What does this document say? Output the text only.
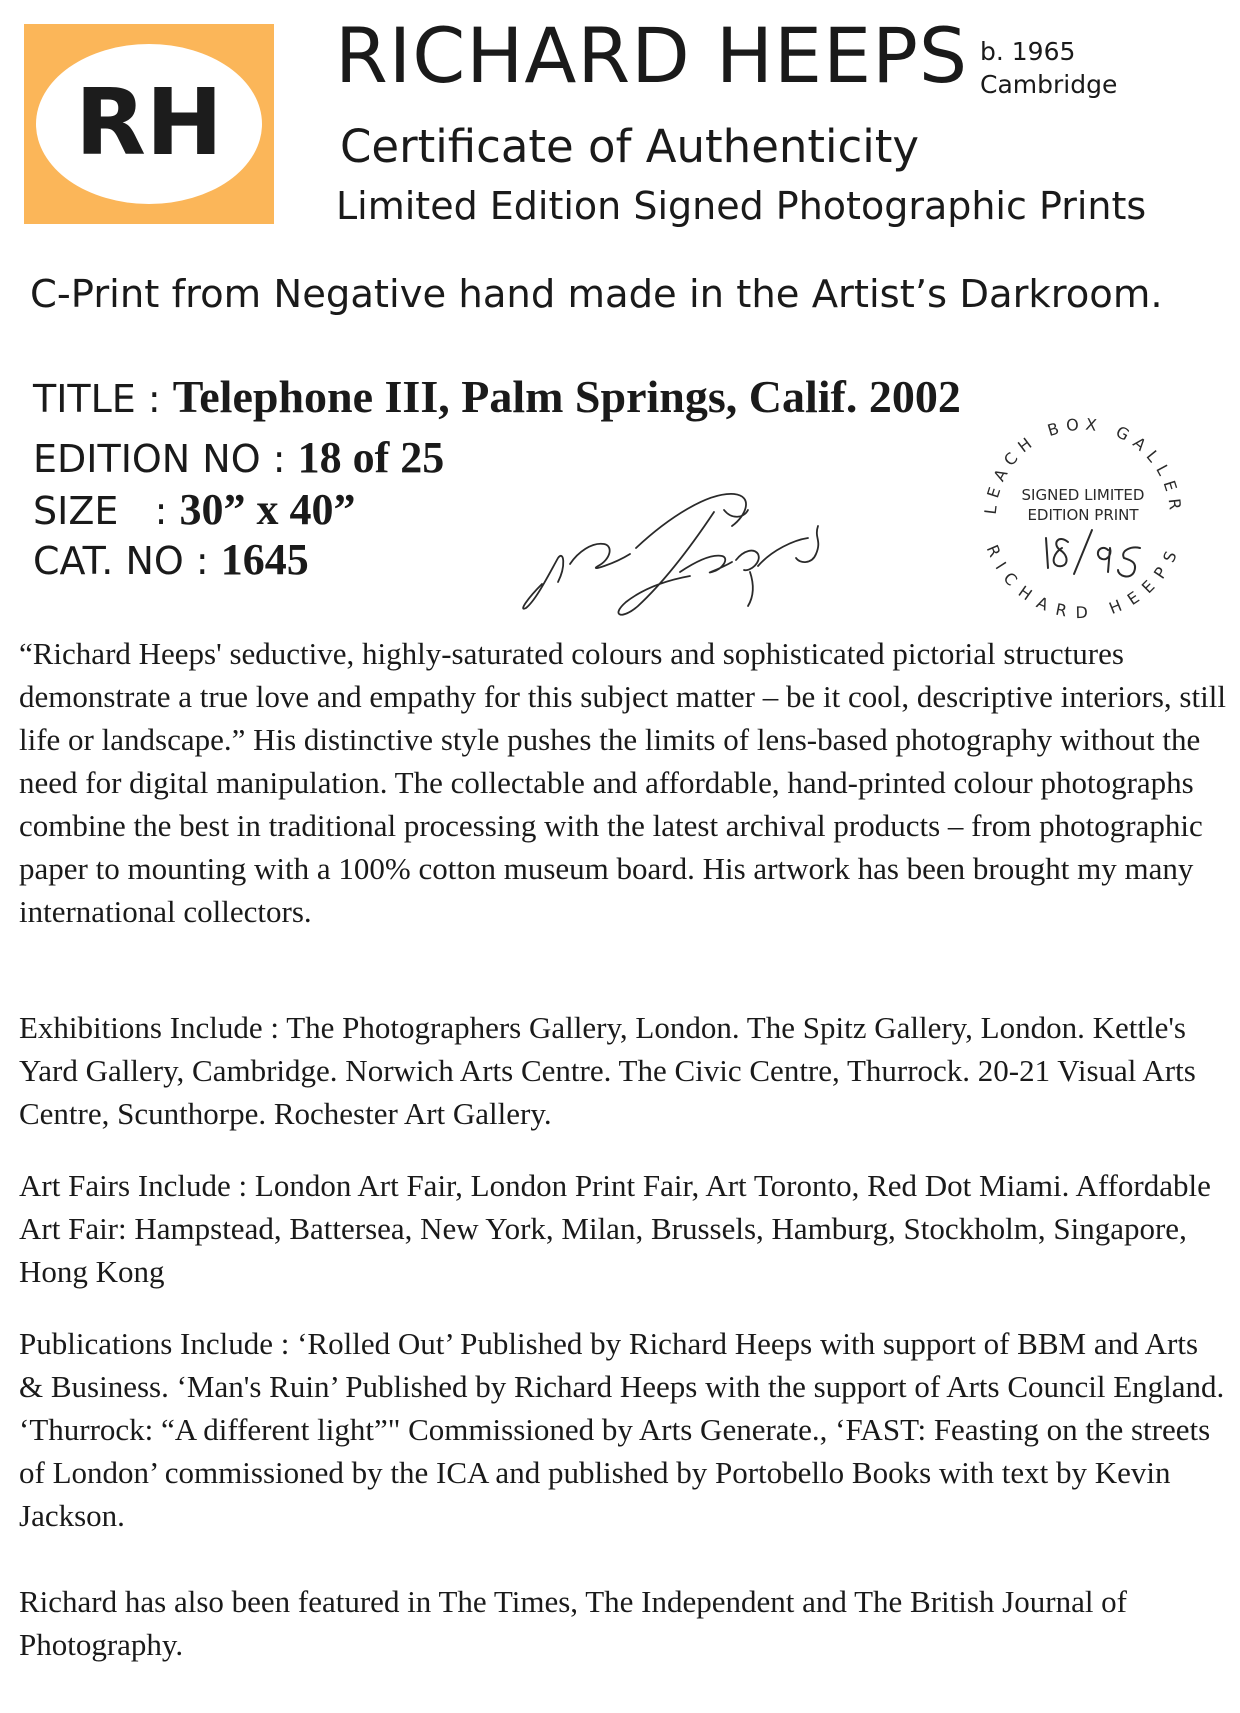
RH
RICHARD HEEPS b. 1965
Cambridge
Certificate of Authenticity
Limited Edition Signed Photographic Prints
C-Print from Negative hand made in the Artist’s Darkroom.
TITLE : Telephone III, Palm Springs, Calif. 2002
EDITION NO : 18 of 25
SIZE   : 30” x 40”
CAT. NO : 1645
LEACH BOX GALLER
RICHARD HEEPS
SIGNED LIMITED
EDITION PRINT
“Richard Heeps' seductive, highly-saturated colours and sophisticated pictorial structures demonstrate a true love and empathy for this subject matter – be it cool, descriptive interiors, still life or landscape.” His distinctive style pushes the limits of lens-based photography without the need for digital manipulation. The collectable and affordable, hand-printed colour photographs combine the best in traditional processing with the latest archival products – from photographic paper to mounting with a 100% cotton museum board. His artwork has been brought my many international collectors.
Exhibitions Include : The Photographers Gallery, London. The Spitz Gallery, London. Kettle's Yard Gallery, Cambridge. Norwich Arts Centre. The Civic Centre, Thurrock. 20-21 Visual Arts Centre, Scunthorpe. Rochester Art Gallery.
Art Fairs Include : London Art Fair, London Print Fair, Art Toronto, Red Dot Miami. Affordable Art Fair: Hampstead, Battersea, New York, Milan, Brussels, Hamburg, Stockholm, Singapore, Hong Kong
Publications Include : ‘Rolled Out’ Published by Richard Heeps with support of BBM and Arts & Business. ‘Man's Ruin’ Published by Richard Heeps with the support of Arts Council England. ‘Thurrock: “A different light”" Commissioned by Arts Generate., ‘FAST: Feasting on the streets of London’ commissioned by the ICA and published by Portobello Books with text by Kevin Jackson.
Richard has also been featured in The Times, The Independent and The British Journal of Photography.
